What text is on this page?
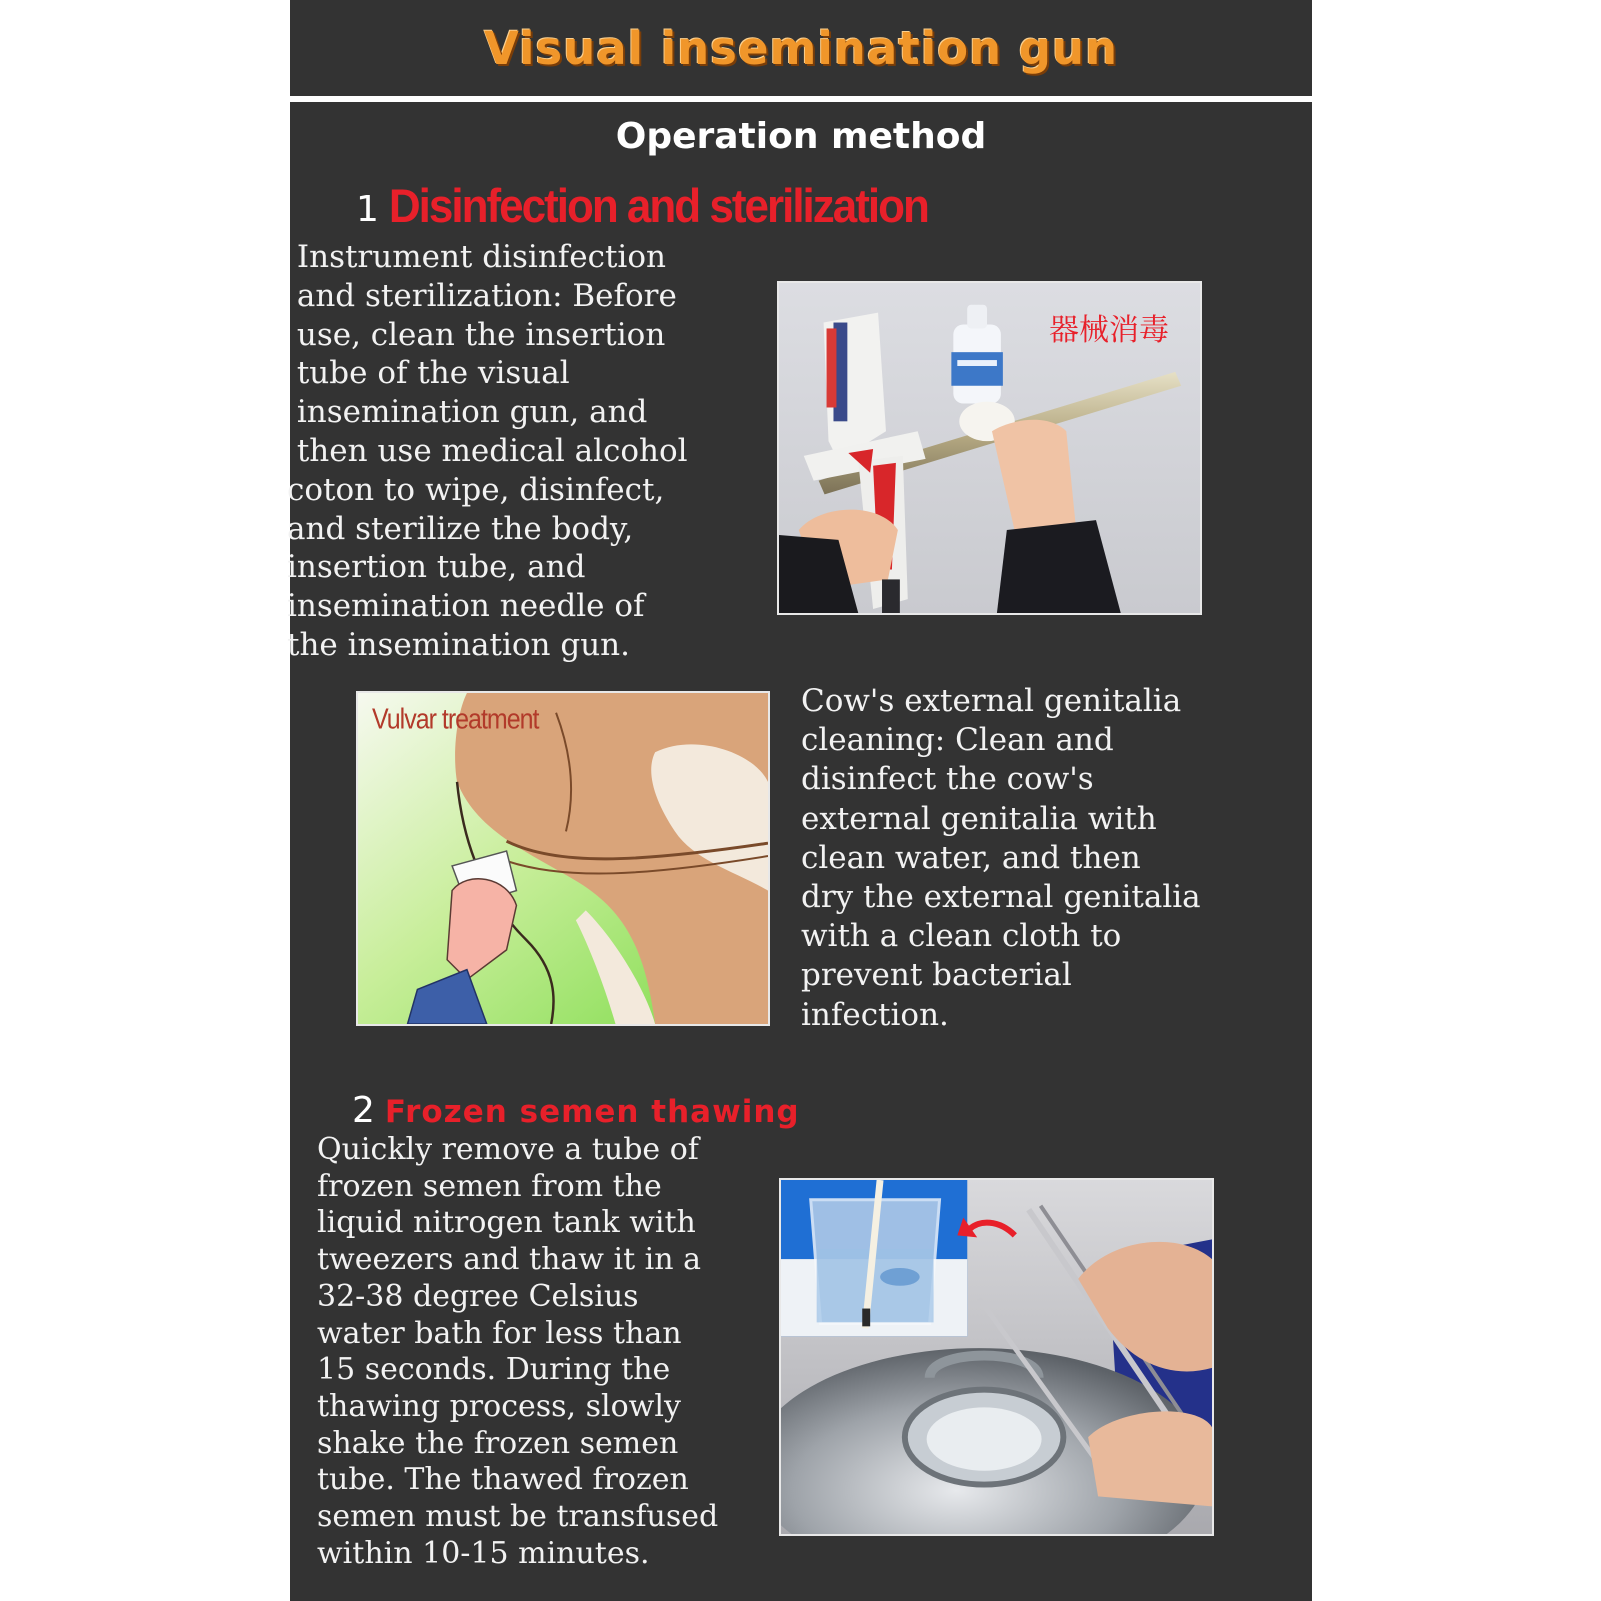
Visual insemination gun
Operation method
1 Disinfection and sterilization
Instrument disinfection
and sterilization: Before
use, clean the insertion
tube of the visual
insemination gun, and
then use medical alcohol
coton to wipe, disinfect,
and sterilize the body,
insertion tube, and
insemination needle of
the insemination gun.
器械消毒
Vulvar treatment
Cow's external genitalia
cleaning: Clean and
disinfect the cow's
external genitalia with
clean water, and then
dry the external genitalia
with a clean cloth to
prevent bacterial
infection.
2 Frozen semen thawing
Quickly remove a tube of
frozen semen from the
liquid nitrogen tank with
tweezers and thaw it in a
32-38 degree Celsius
water bath for less than
15 seconds. During the
thawing process, slowly
shake the frozen semen
tube. The thawed frozen
semen must be transfused
within 10-15 minutes.
